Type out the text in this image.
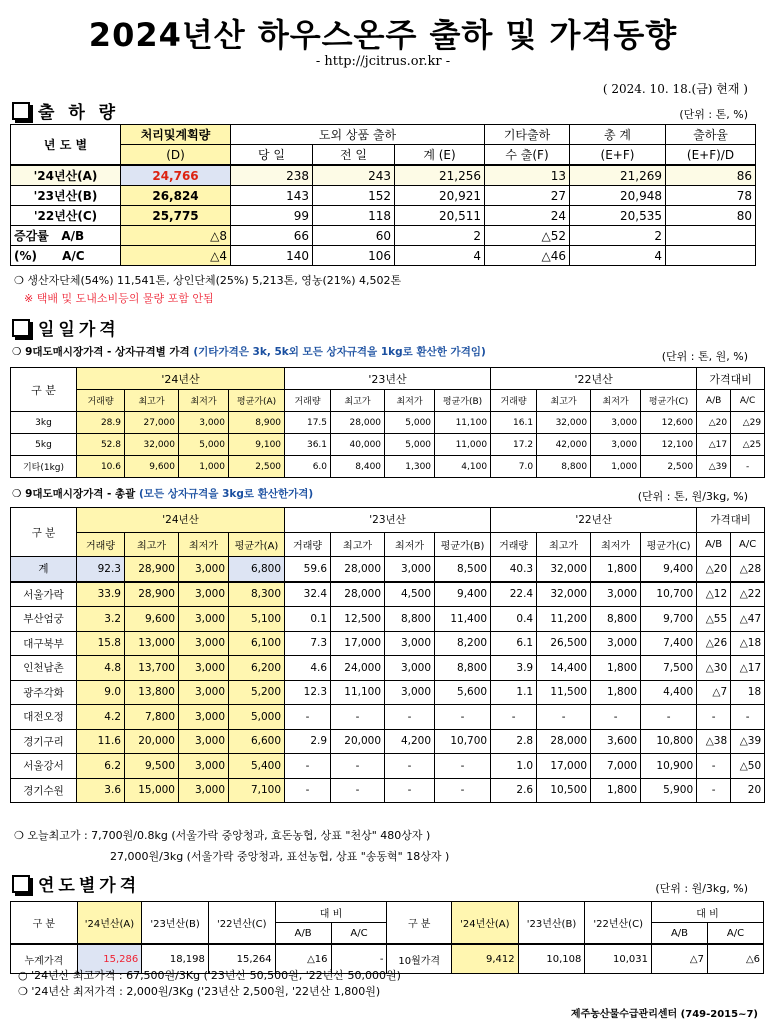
2024년산 하우스온주 출하 및 가격동향
- http://jcitrus.or.kr -
( 2024. 10. 18.(금) 현재 )
출 하 량	(단위 : 톤, %)
년 도 별	처리및계획량	도외 상품 출하			기타출하	총 계	출하율
	(D)	당 일	전 일	계 (E)	수 출(F)	(E+F)	(E+F)/D
'24년산(A)	24,766	238	243	21,256	13	21,269	86
'23년산(B)	26,824	143	152	20,921	27	20,948	78
'22년산(C)	25,775	99	118	20,511	24	20,535	80
증감률 A/B	△8	66	60	2	△52	2	
(%) A/C	△4	140	106	4	△46	4	
❍ 생산자단체(54%) 11,541톤, 상인단체(25%) 5,213톤, 영농(21%) 4,502톤
※ 택배 및 도내소비등의 물량 포함 안됨
일일가격
❍ 9대도매시장가격 - 상자규격별 가격 (기타가격은 3k, 5k외 모든 상자규격을 1kg로 환산한 가격임)	(단위 : 톤, 원, %)
구 분	'24년산				'23년산				'22년산				가격대비	
	거래량	최고가	최저가	평균가(A)	거래량	최고가	최저가	평균가(B)	거래량	최고가	최저가	평균가(C)	A/B	A/C
3kg	28.9	27,000	3,000	8,900	17.5	28,000	5,000	11,100	16.1	32,000	3,000	12,600	△20	△29
5kg	52.8	32,000	5,000	9,100	36.1	40,000	5,000	11,000	17.2	42,000	3,000	12,100	△17	△25
기타(1kg)	10.6	9,600	1,000	2,500	6.0	8,400	1,300	4,100	7.0	8,800	1,000	2,500	△39	-
❍ 9대도매시장가격 - 총괄 (모든 상자규격을 3kg로 환산한가격)	(단위 : 톤, 원/3kg, %)
구 분	'24년산				'23년산				'22년산				가격대비	
	거래량	최고가	최저가	평균가(A)	거래량	최고가	최저가	평균가(B)	거래량	최고가	최저가	평균가(C)	A/B	A/C
계	92.3	28,900	3,000	6,800	59.6	28,000	3,000	8,500	40.3	32,000	1,800	9,400	△20	△28
서울가락	33.9	28,900	3,000	8,300	32.4	28,000	4,500	9,400	22.4	32,000	3,000	10,700	△12	△22
부산엄궁	3.2	9,600	3,000	5,100	0.1	12,500	8,800	11,400	0.4	11,200	8,800	9,700	△55	△47
대구북부	15.8	13,000	3,000	6,100	7.3	17,000	3,000	8,200	6.1	26,500	3,000	7,400	△26	△18
인천남촌	4.8	13,700	3,000	6,200	4.6	24,000	3,000	8,800	3.9	14,400	1,800	7,500	△30	△17
광주각화	9.0	13,800	3,000	5,200	12.3	11,100	3,000	5,600	1.1	11,500	1,800	4,400	△7	18
대전오정	4.2	7,800	3,000	5,000	-	-	-	-	-	-	-	-	-	-
경기구리	11.6	20,000	3,000	6,600	2.9	20,000	4,200	10,700	2.8	28,000	3,600	10,800	△38	△39
서울강서	6.2	9,500	3,000	5,400	-	-	-	-	1.0	17,000	7,000	10,900	-	△50
경기수원	3.6	15,000	3,000	7,100	-	-	-	-	2.6	10,500	1,800	5,900	-	20
❍ 오늘최고가 : 7,700원/0.8kg (서울가락 중앙청과, 효돈농협, 상표 "천상" 480상자 )
27,000원/3kg (서울가락 중앙청과, 표선농협, 상표 "송동혁" 18상자 )
연도별가격	(단위 : 원/3kg, %)
구 분	'24년산(A)	'23년산(B)	'22년산(C)	대 비		구 분	'24년산(A)	'23년산(B)	'22년산(C)	대 비	
				A/B	A/C					A/B	A/C
누계가격	15,286	18,198	15,264	△16	-	10월가격	9,412	10,108	10,031	△7	△6
○ '24년산 최고가격 : 67,500원/3Kg ('23년산 50,500원, '22년산 50,000원)
❍ '24년산 최저가격 : 2,000원/3Kg ('23년산 2,500원, '22년산 1,800원)
제주농산물수급관리센터 (749-2015~7)
